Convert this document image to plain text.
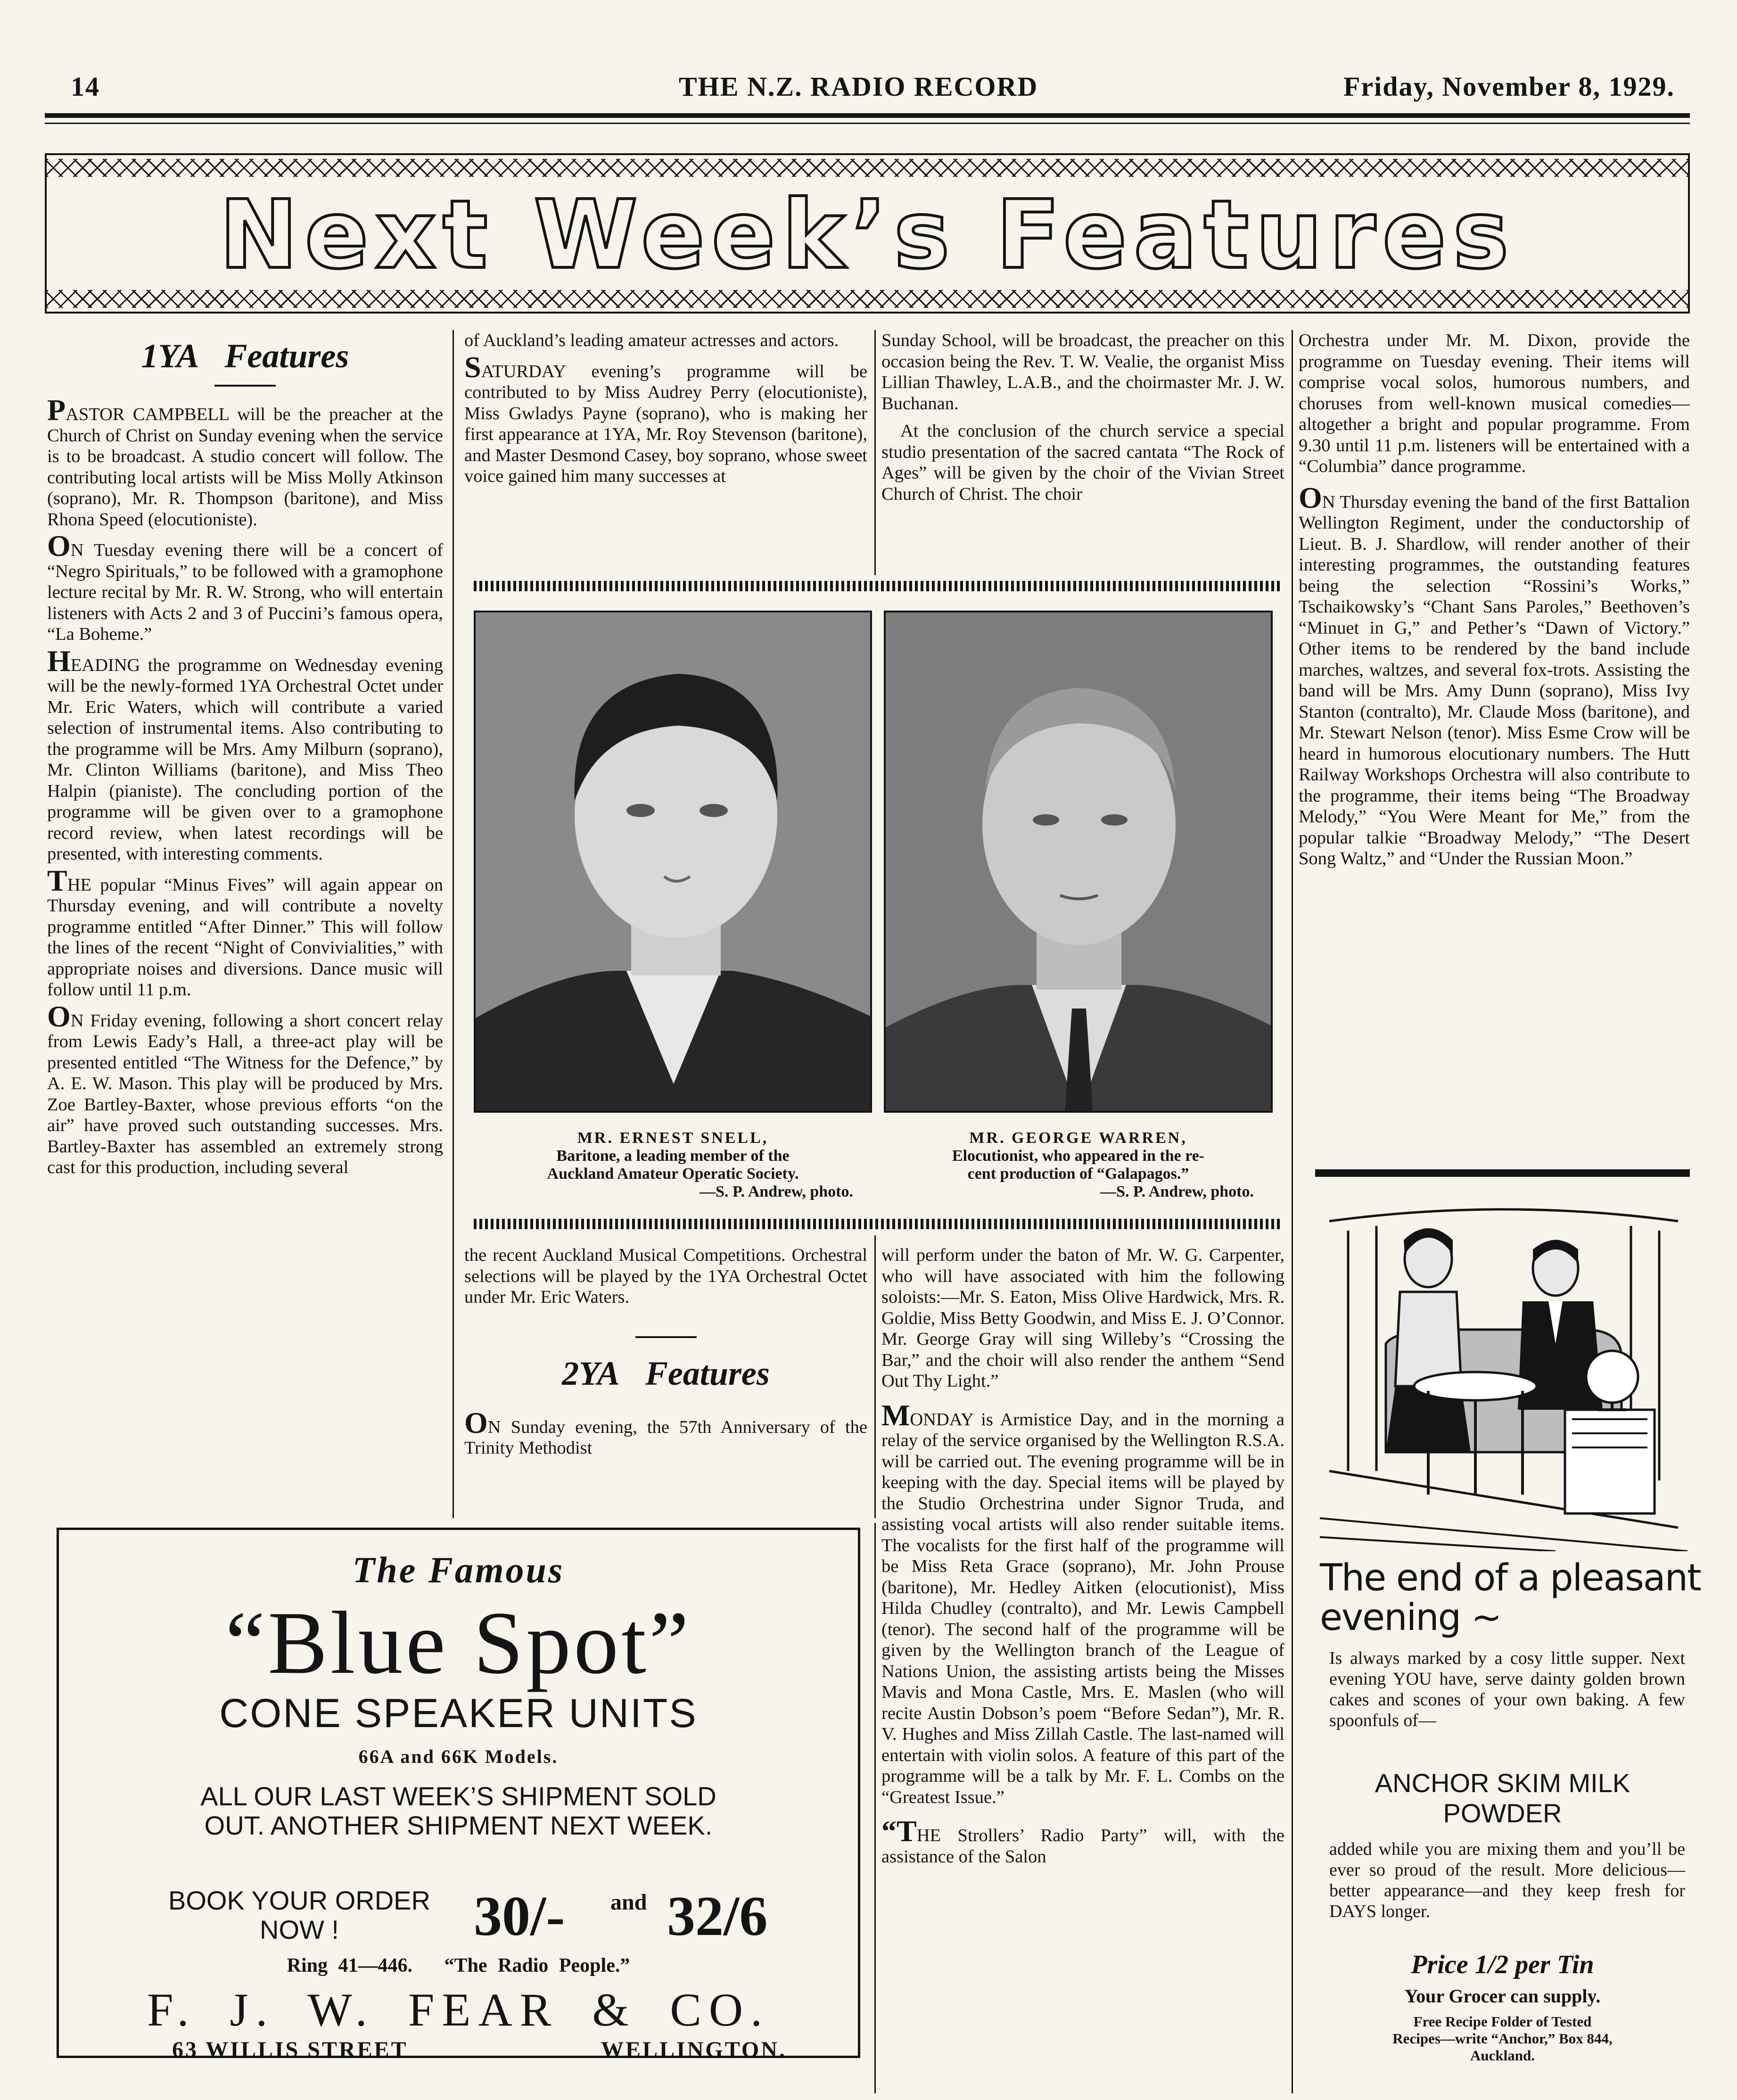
14	THE N.Z. RADIO RECORD	Friday, November 8, 1929.
Next Week’s Features
1YA Features

PASTOR CAMPBELL will be the preacher at the Church of Christ on Sunday evening when the service is to be broadcast. A studio concert will follow. The contributing local artists will be Miss Molly Atkinson (soprano), Mr. R. Thompson (baritone), and Miss Rhona Speed (elocutioniste).

ON Tuesday evening there will be a concert of “Negro Spirituals,” to be followed with a gramophone lecture recital by Mr. R. W. Strong, who will entertain listeners with Acts 2 and 3 of Puccini’s famous opera, “La Boheme.”

HEADING the programme on Wednesday evening will be the newly-formed 1YA Orchestral Octet under Mr. Eric Waters, which will contribute a varied selection of instrumental items. Also contributing to the programme will be Mrs. Amy Milburn (soprano), Mr. Clinton Williams (baritone), and Miss Theo Halpin (pianiste). The concluding portion of the programme will be given over to a gramophone record review, when latest recordings will be presented, with interesting comments.

THE popular “Minus Fives” will again appear on Thursday evening, and will contribute a novelty programme entitled “After Dinner.” This will follow the lines of the recent “Night of Convivialities,” with appropriate noises and diversions. Dance music will follow until 11 p.m.

ON Friday evening, following a short concert relay from Lewis Eady’s Hall, a three-act play will be presented entitled “The Witness for the Defence,” by A. E. W. Mason. This play will be produced by Mrs. Zoe Bartley-Baxter, whose previous efforts “on the air” have proved such outstanding successes. Mrs. Bartley-Baxter has assembled an extremely strong cast for this production, including several

of Auckland’s leading amateur actresses and actors.

SATURDAY evening’s programme will be contributed to by Miss Audrey Perry (elocutioniste), Miss Gwladys Payne (soprano), who is making her first appearance at 1YA, Mr. Roy Stevenson (baritone), and Master Desmond Casey, boy soprano, whose sweet voice gained him many successes at

Sunday School, will be broadcast, the preacher on this occasion being the Rev. T. W. Vealie, the organist Miss Lillian Thawley, L.A.B., and the choirmaster Mr. J. W. Buchanan.

At the conclusion of the church service a special studio presentation of the sacred cantata “The Rock of Ages” will be given by the choir of the Vivian Street Church of Christ. The choir

MR. ERNEST SNELL,
Baritone, a leading member of the
Auckland Amateur Operatic Society.
—S. P. Andrew, photo.
MR. GEORGE WARREN,
Elocutionist, who appeared in the re-
cent production of “Galapagos.”
—S. P. Andrew, photo.

the recent Auckland Musical Competitions. Orchestral selections will be played by the 1YA Orchestral Octet under Mr. Eric Waters.

2YA Features

ON Sunday evening, the 57th Anniversary of the Trinity Methodist

will perform under the baton of Mr. W. G. Carpenter, who will have associated with him the following soloists:—Mr. S. Eaton, Miss Olive Hardwick, Mrs. R. Goldie, Miss Betty Goodwin, and Miss E. J. O’Connor. Mr. George Gray will sing Willeby’s “Crossing the Bar,” and the choir will also render the anthem “Send Out Thy Light.”

MONDAY is Armistice Day, and in the morning a relay of the service organised by the Wellington R.S.A. will be carried out. The evening programme will be in keeping with the day. Special items will be played by the Studio Orchestrina under Signor Truda, and assisting vocal artists will also render suitable items. The vocalists for the first half of the programme will be Miss Reta Grace (soprano), Mr. John Prouse (baritone), Mr. Hedley Aitken (elocutionist), Miss Hilda Chudley (contralto), and Mr. Lewis Campbell (tenor). The second half of the programme will be given by the Wellington branch of the League of Nations Union, the assisting artists being the Misses Mavis and Mona Castle, Mrs. E. Maslen (who will recite Austin Dobson’s poem “Before Sedan”), Mr. R. V. Hughes and Miss Zillah Castle. The last-named will entertain with violin solos. A feature of this part of the programme will be a talk by Mr. F. L. Combs on the “Greatest Issue.”

“THE Strollers’ Radio Party” will, with the assistance of the Salon

Orchestra under Mr. M. Dixon, provide the programme on Tuesday evening. Their items will comprise vocal solos, humorous numbers, and choruses from well-known musical comedies—altogether a bright and popular programme. From 9.30 until 11 p.m. listeners will be entertained with a “Columbia” dance programme.

ON Thursday evening the band of the first Battalion Wellington Regiment, under the conductorship of Lieut. B. J. Shardlow, will render another of their interesting programmes, the outstanding features being the selection “Rossini’s Works,” Tschaikowsky’s “Chant Sans Paroles,” Beethoven’s “Minuet in G,” and Pether’s “Dawn of Victory.” Other items to be rendered by the band include marches, waltzes, and several fox-trots. Assisting the band will be Mrs. Amy Dunn (soprano), Miss Ivy Stanton (contralto), Mr. Claude Moss (baritone), and Mr. Stewart Nelson (tenor). Miss Esme Crow will be heard in humorous elocutionary numbers. The Hutt Railway Workshops Orchestra will also contribute to the programme, their items being “The Broadway Melody,” “You Were Meant for Me,” from the popular talkie “Broadway Melody,” “The Desert Song Waltz,” and “Under the Russian Moon.”

The Famous
“Blue Spot”
CONE SPEAKER UNITS
66A and 66K Models.
ALL OUR LAST WEEK’S SHIPMENT SOLD
OUT. ANOTHER SHIPMENT NEXT WEEK.
BOOK YOUR ORDER
NOW !	30/- and 32/6
Ring 41—446. “The Radio People.”
F. J. W. FEAR & CO.
63 WILLIS STREET	WELLINGTON.
The end of a pleasant
evening ~
Is always marked by a cosy little supper. Next evening YOU have, serve dainty golden brown cakes and scones of your own baking. A few spoonfuls of—
ANCHOR SKIM MILK
POWDER
added while you are mixing them and you’ll be ever so proud of the result. More delicious—better appearance—and they keep fresh for DAYS longer.
Price 1/2 per Tin
Your Grocer can supply.
Free Recipe Folder of Tested
Recipes—write “Anchor,” Box 844,
Auckland.
